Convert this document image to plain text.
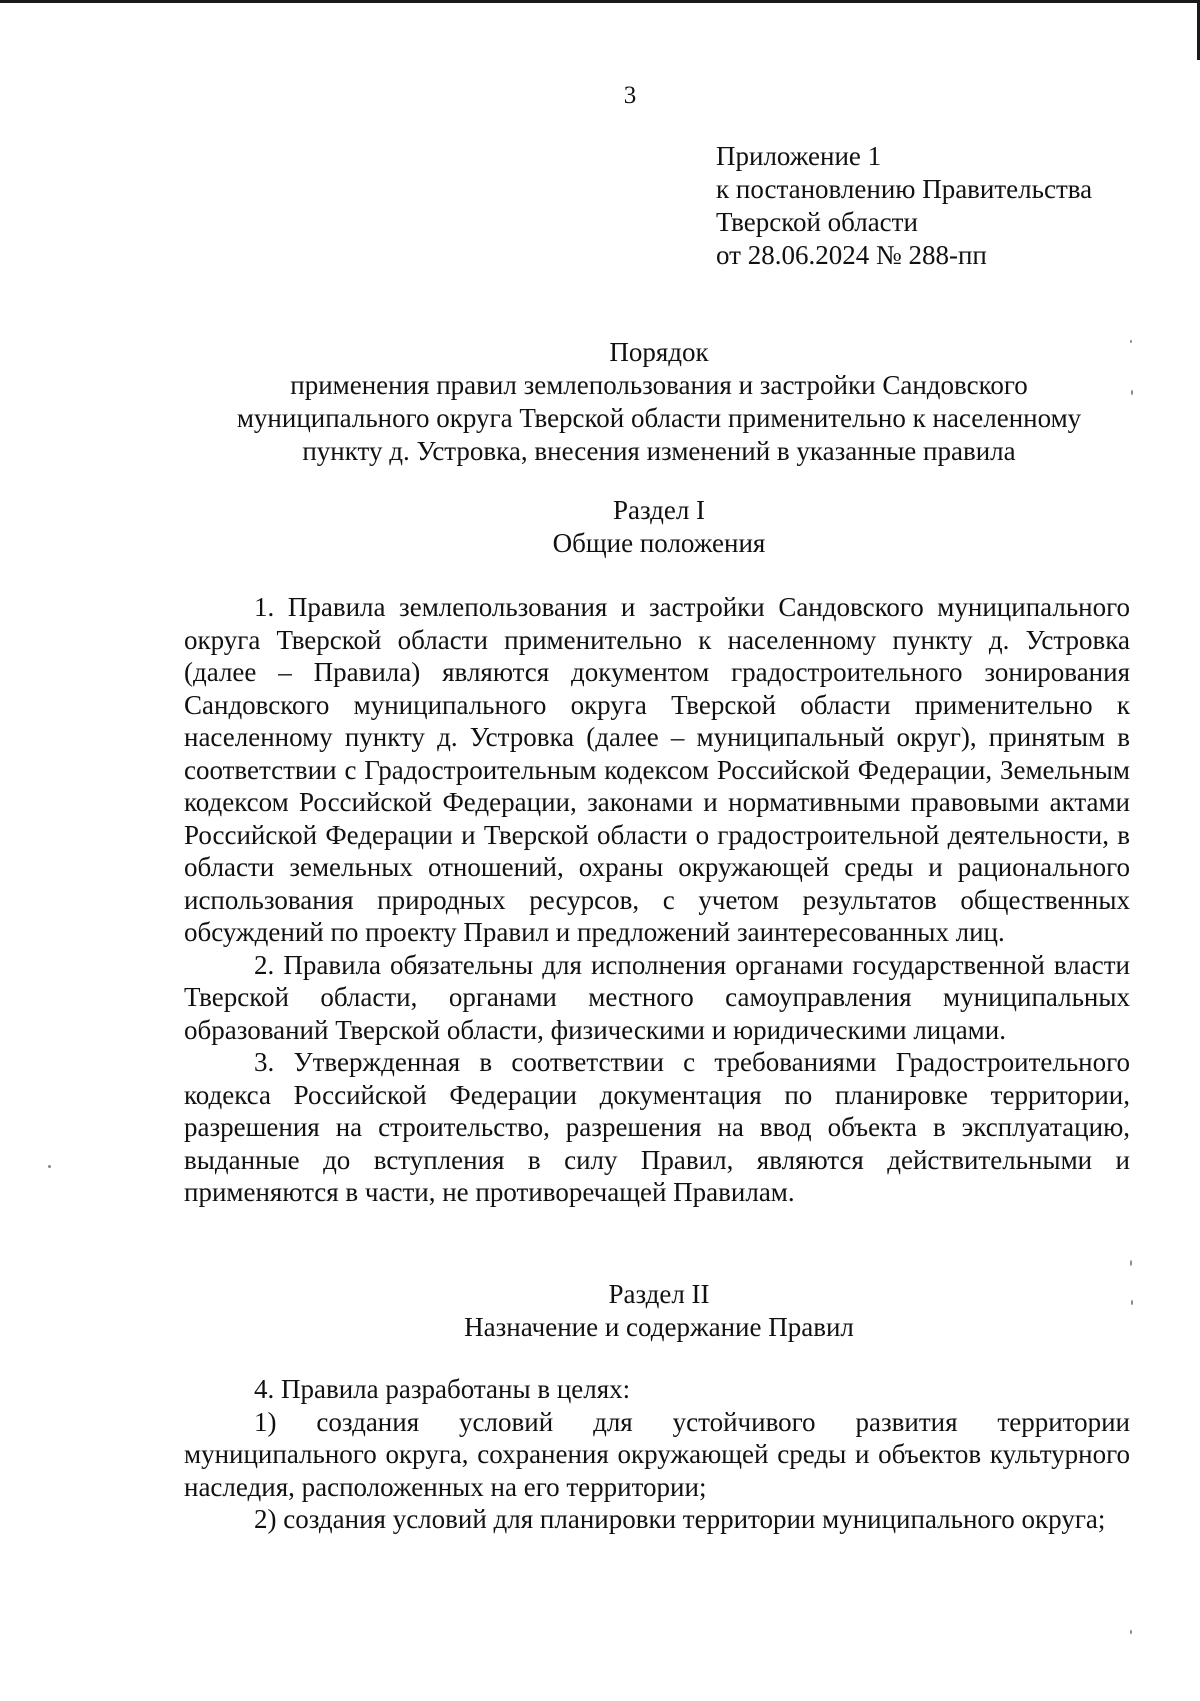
3
Приложение 1
к постановлению Правительства
Тверской области
от 28.06.2024 № 288-пп
Порядок
применения правил землепользования и застройки Сандовского
муниципального округа Тверской области применительно к населенному
пункту д. Устровка, внесения изменений в указанные правила
Раздел I
Общие положения

1. Правила землепользования и застройки Сандовского муниципального округа Тверской области применительно к населенному пункту д. Устровка (далее – Правила) являются документом градостроительного зонирования Сандовского муниципального округа Тверской области применительно к населенному пункту д. Устровка (далее – муниципальный округ), принятым в соответствии с Градостроительным кодексом Российской Федерации, Земельным кодексом Российской Федерации, законами и нормативными правовыми актами Российской Федерации и Тверской области о градостроительной деятельности, в области земельных отношений, охраны окружающей среды и рационального использования природных ресурсов, с учетом результатов общественных обсуждений по проекту Правил и предложений заинтересованных лиц.

2. Правила обязательны для исполнения органами государственной власти Тверской области, органами местного самоуправления муниципальных образований Тверской области, физическими и юридическими лицами.

3. Утвержденная в соответствии с требованиями Градостроительного кодекса Российской Федерации документация по планировке территории, разрешения на строительство, разрешения на ввод объекта в эксплуатацию, выданные до вступления в силу Правил, являются действительными и применяются в части, не противоречащей Правилам.

Раздел II
Назначение и содержание Правил

4. Правила разработаны в целях:

1) создания условий для устойчивого развития территории муниципального округа, сохранения окружающей среды и объектов культурного наследия, расположенных на его территории;

2) создания условий для планировки территории муниципального округа;
